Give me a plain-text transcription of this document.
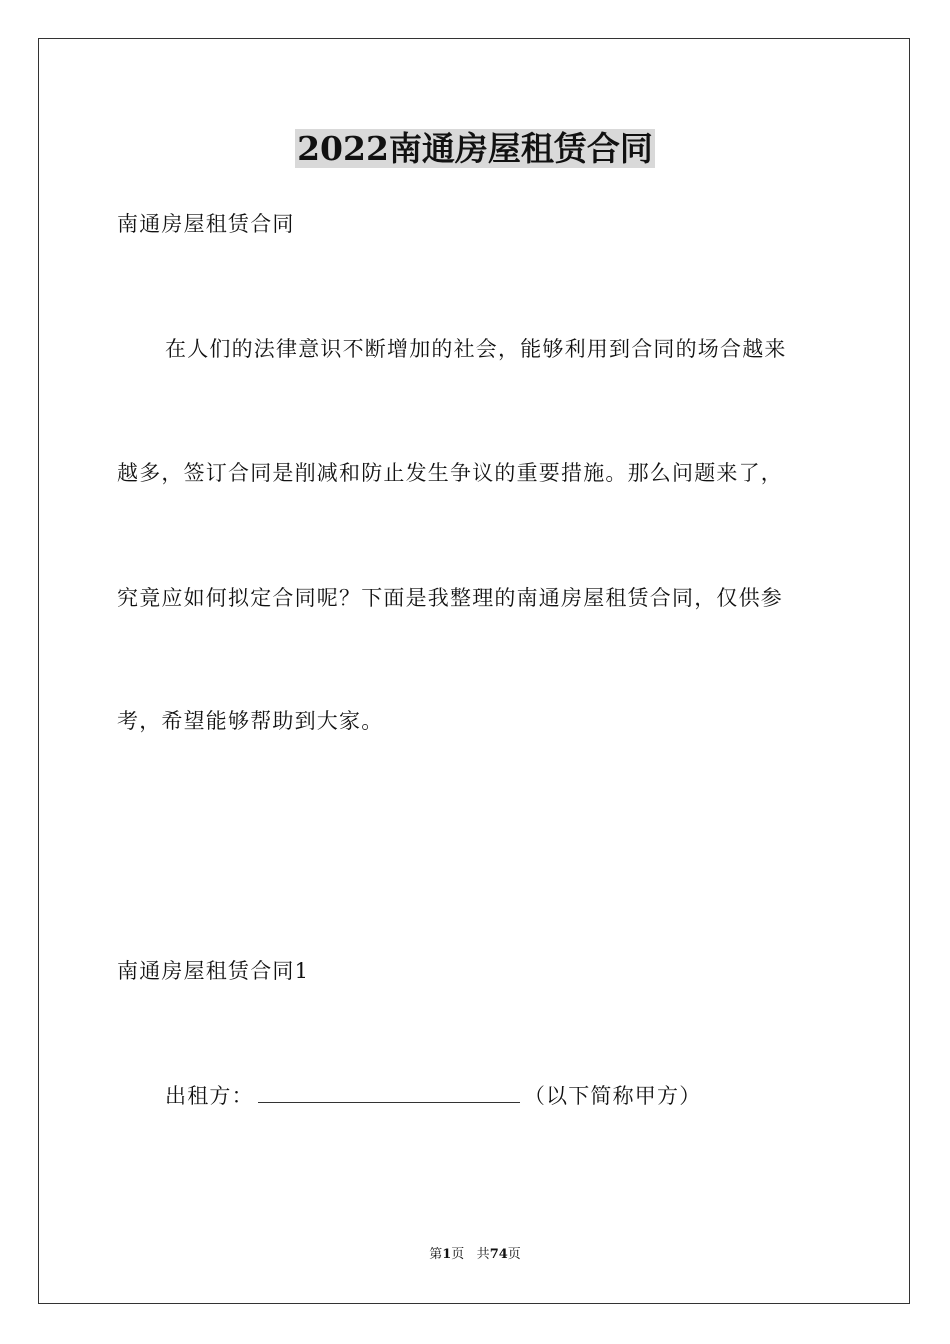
2022南通房屋租赁合同
南通房屋租赁合同
在人们的法律意识不断增加的社会，能够利用到合同的场合越来
越多，签订合同是削减和防止发生争议的重要措施。那么问题来了，
究竟应如何拟定合同呢？下面是我整理的南通房屋租赁合同，仅供参
考，希望能够帮助到大家。
南通房屋租赁合同1
出租方：	（以下简称甲方）
第1页 共74页
